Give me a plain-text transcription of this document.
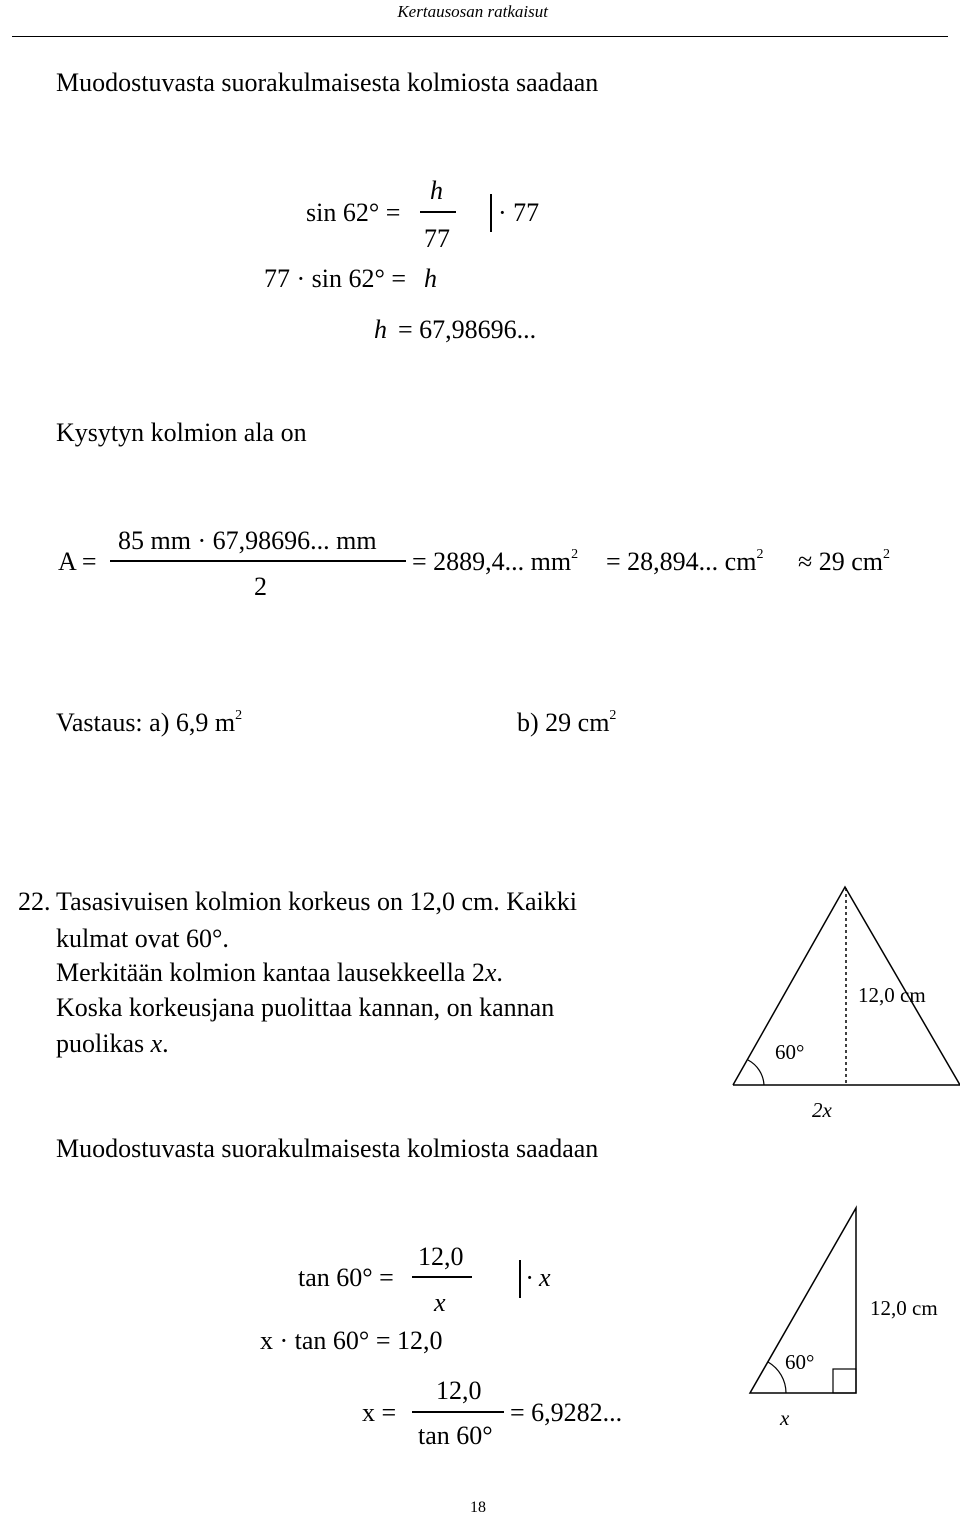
Kertausosan ratkaisut
Muodostuvasta suorakulmaisesta kolmiosta saadaan
sin 62° =
h
77
· 77
77 · sin 62° = h
h = 67,98696...
Kysytyn kolmion ala on
A =
85 mm · 67,98696... mm
2
= 2889,4... $mm^2 = 28,894$... $cm^2 \approx 29$ $cm^2$
Vastaus: a) 6,9 $m^2$	b) 29 $cm^2$
22. Tasasivuisen kolmion korkeus on 12,0 cm. Kaikki
kulmat ovat 60°.
Merkitään kolmion kantaa lausekkeella 2x.
Koska korkeusjana puolittaa kannan, on kannan
puolikas x.	60°
12,0 cm
2x
Muodostuvasta suorakulmaisesta kolmiosta saadaan
tan 60° =
12,0
x
· x
x · tan 60° = 12,0
x =
12,0
tan 60°
= 6,9282...
60°
12,0 cm
x
18
